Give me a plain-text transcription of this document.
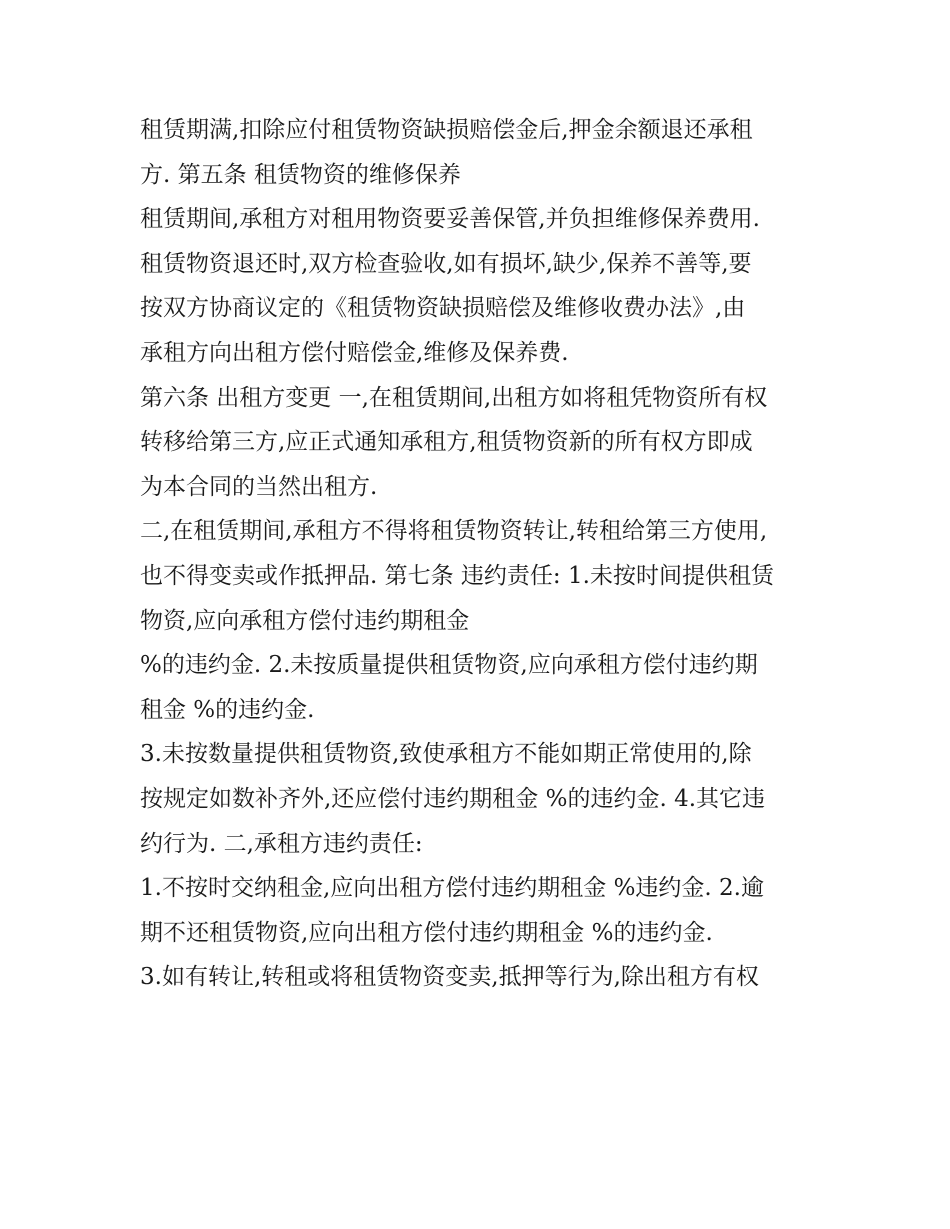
租赁期满,扣除应付租赁物资缺损赔偿金后,押金余额退还承租
方. 第五条 租赁物资的维修保养
租赁期间,承租方对租用物资要妥善保管,并负担维修保养费用.
租赁物资退还时,双方检查验收,如有损坏,缺少,保养不善等,要
按双方协商议定的《租赁物资缺损赔偿及维修收费办法》,由
承租方向出租方偿付赔偿金,维修及保养费.
第六条 出租方变更 一,在租赁期间,出租方如将租凭物资所有权
转移给第三方,应正式通知承租方,租赁物资新的所有权方即成
为本合同的当然出租方.
二,在租赁期间,承租方不得将租赁物资转让,转租给第三方使用,
也不得变卖或作抵押品. 第七条 违约责任: 1.未按时间提供租赁
物资,应向承租方偿付违约期租金
%的违约金. 2.未按质量提供租赁物资,应向承租方偿付违约期
租金 %的违约金.
3.未按数量提供租赁物资,致使承租方不能如期正常使用的,除
按规定如数补齐外,还应偿付违约期租金 %的违约金. 4.其它违
约行为. 二,承租方违约责任:
1.不按时交纳租金,应向出租方偿付违约期租金 %违约金. 2.逾
期不还租赁物资,应向出租方偿付违约期租金 %的违约金.
3.如有转让,转租或将租赁物资变卖,抵押等行为,除出租方有权
